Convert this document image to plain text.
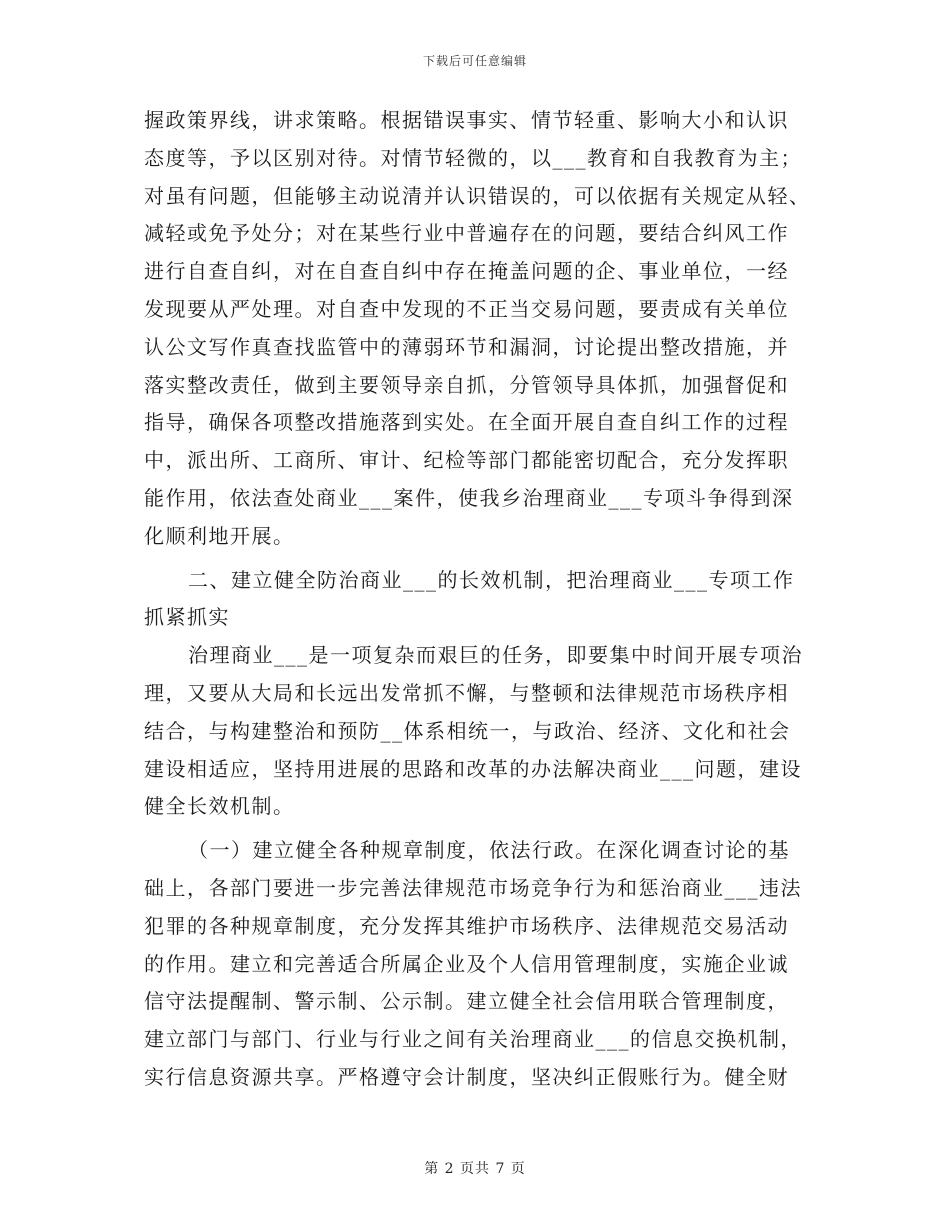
下载后可任意编辑
握政策界线，讲求策略。根据错误事实、情节轻重、影响大小和认识
态度等，予以区别对待。对情节轻微的，以___教育和自我教育为主；
对虽有问题，但能够主动说清并认识错误的，可以依据有关规定从轻、
减轻或免予处分；对在某些行业中普遍存在的问题，要结合纠风工作
进行自查自纠，对在自查自纠中存在掩盖问题的企、事业单位，一经
发现要从严处理。对自查中发现的不正当交易问题，要责成有关单位
认公文写作真查找监管中的薄弱环节和漏洞，讨论提出整改措施，并
落实整改责任，做到主要领导亲自抓，分管领导具体抓，加强督促和
指导，确保各项整改措施落到实处。在全面开展自查自纠工作的过程
中，派出所、工商所、审计、纪检等部门都能密切配合，充分发挥职
能作用，依法查处商业___案件，使我乡治理商业___专项斗争得到深
化顺利地开展。
二、建立健全防治商业___的长效机制，把治理商业___专项工作
抓紧抓实
治理商业___是一项复杂而艰巨的任务，即要集中时间开展专项治
理，又要从大局和长远出发常抓不懈，与整顿和法律规范市场秩序相
结合，与构建整治和预防__体系相统一，与政治、经济、文化和社会
建设相适应，坚持用进展的思路和改革的办法解决商业___问题，建设
健全长效机制。
（一）建立健全各种规章制度，依法行政。在深化调查讨论的基
础上，各部门要进一步完善法律规范市场竞争行为和惩治商业___违法
犯罪的各种规章制度，充分发挥其维护市场秩序、法律规范交易活动
的作用。建立和完善适合所属企业及个人信用管理制度，实施企业诚
信守法提醒制、警示制、公示制。建立健全社会信用联合管理制度，
建立部门与部门、行业与行业之间有关治理商业___的信息交换机制，
实行信息资源共享。严格遵守会计制度，坚决纠正假账行为。健全财
第 2 页共 7 页
